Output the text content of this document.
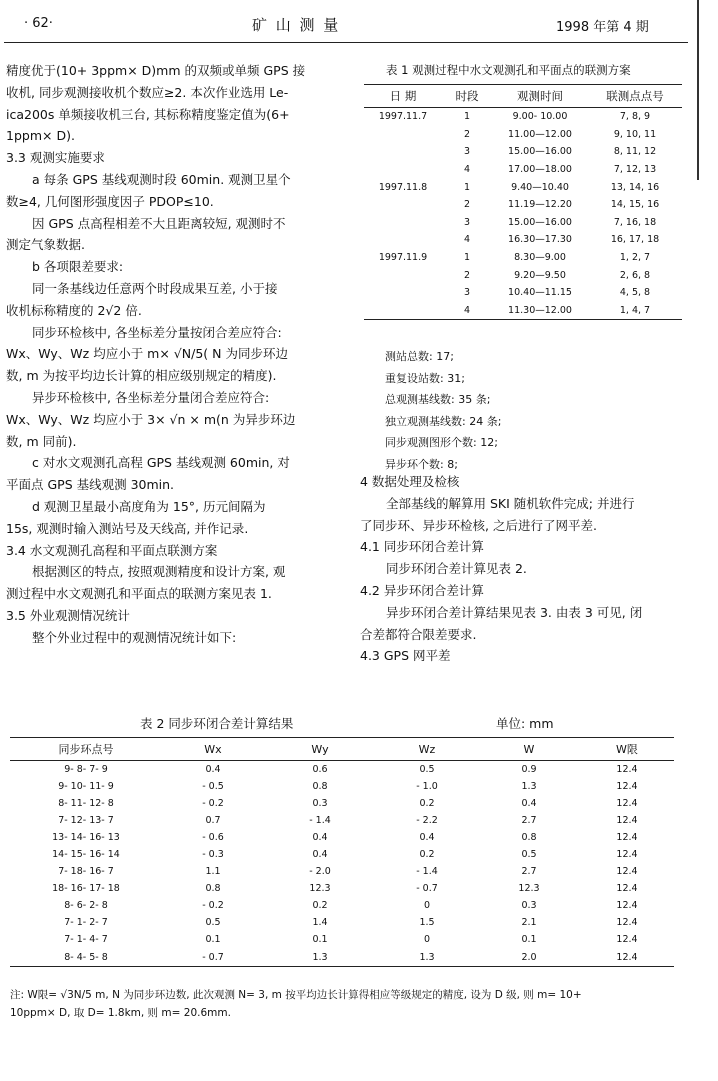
· 62·	矿 山 测 量	1998 年第 4 期

精度优于(10+ 3ppm× D)mm 的双频或单频 GPS 接

收机, 同步观测接收机个数应≥2. 本次作业选用 Le-

ica200s 单频接收机三台, 其标称精度鉴定值为(6+

1ppm× D).

3.3 观测实施要求

a 每条 GPS 基线观测时段 60min. 观测卫星个

数≥4, 几何图形强度因子 PDOP≤10.

因 GPS 点高程相差不大且距离较短, 观测时不

测定气象数据.

b 各项限差要求:

同一条基线边任意两个时段成果互差, 小于接

收机标称精度的 2√2 倍.

同步环检核中, 各坐标差分量按闭合差应符合:

Wx、Wy、Wz 均应小于 m× √N/5( N 为同步环边

数, m 为按平均边长计算的相应级别规定的精度).

异步环检核中, 各坐标差分量闭合差应符合:

Wx、Wy、Wz 均应小于 3× √n × m(n 为异步环边

数, m 同前).

c 对水文观测孔高程 GPS 基线观测 60min, 对

平面点 GPS 基线观测 30min.

d 观测卫星最小高度角为 15°, 历元间隔为

15s, 观测时输入测站号及天线高, 并作记录.

3.4 水文观测孔高程和平面点联测方案

根据测区的特点, 按照观测精度和设计方案, 观

测过程中水文观测孔和平面点的联测方案见表 1.

3.5 外业观测情况统计

整个外业过程中的观测情况统计如下:

表 1 观测过程中水文观测孔和平面点的联测方案
日 期	时段	观测时间	联测点点号
1997.11.7	1	9.00- 10.00	7, 8, 9
	2	11.00—12.00	9, 10, 11
	3	15.00—16.00	8, 11, 12
	4	17.00—18.00	7, 12, 13
1997.11.8	1	9.40—10.40	13, 14, 16
	2	11.19—12.20	14, 15, 16
	3	15.00—16.00	7, 16, 18
	4	16.30—17.30	16, 17, 18
1997.11.9	1	8.30—9.00	1, 2, 7
	2	9.20—9.50	2, 6, 8
	3	10.40—11.15	4, 5, 8
	4	11.30—12.00	1, 4, 7

测站总数: 17;

重复设站数: 31;

总观测基线数: 35 条;

独立观测基线数: 24 条;

同步观测图形个数: 12;

异步环个数: 8;

4 数据处理及检核

全部基线的解算用 SKI 随机软件完成; 并进行

了同步环、异步环检核, 之后进行了网平差.

4.1 同步环闭合差计算

同步环闭合差计算见表 2.

4.2 异步环闭合差计算

异步环闭合差计算结果见表 3. 由表 3 可见, 闭

合差都符合限差要求.

4.3 GPS 网平差

表 2 同步环闭合差计算结果	单位: mm
同步环点号	Wx	Wy	Wz	W	W限
9- 8- 7- 9	0.4	0.6	0.5	0.9	12.4
9- 10- 11- 9	- 0.5	0.8	- 1.0	1.3	12.4
8- 11- 12- 8	- 0.2	0.3	0.2	0.4	12.4
7- 12- 13- 7	0.7	- 1.4	- 2.2	2.7	12.4
13- 14- 16- 13	- 0.6	0.4	0.4	0.8	12.4
14- 15- 16- 14	- 0.3	0.4	0.2	0.5	12.4
7- 18- 16- 7	1.1	- 2.0	- 1.4	2.7	12.4
18- 16- 17- 18	0.8	12.3	- 0.7	12.3	12.4
8- 6- 2- 8	- 0.2	0.2	0	0.3	12.4
7- 1- 2- 7	0.5	1.4	1.5	2.1	12.4
7- 1- 4- 7	0.1	0.1	0	0.1	12.4
8- 4- 5- 8	- 0.7	1.3	1.3	2.0	12.4

注: W限= √3N/5 m, N 为同步环边数, 此次观测 N= 3, m 按平均边长计算得相应等级规定的精度, 设为 D 级, 则 m= 10+

10ppm× D, 取 D= 1.8km, 则 m= 20.6mm.
